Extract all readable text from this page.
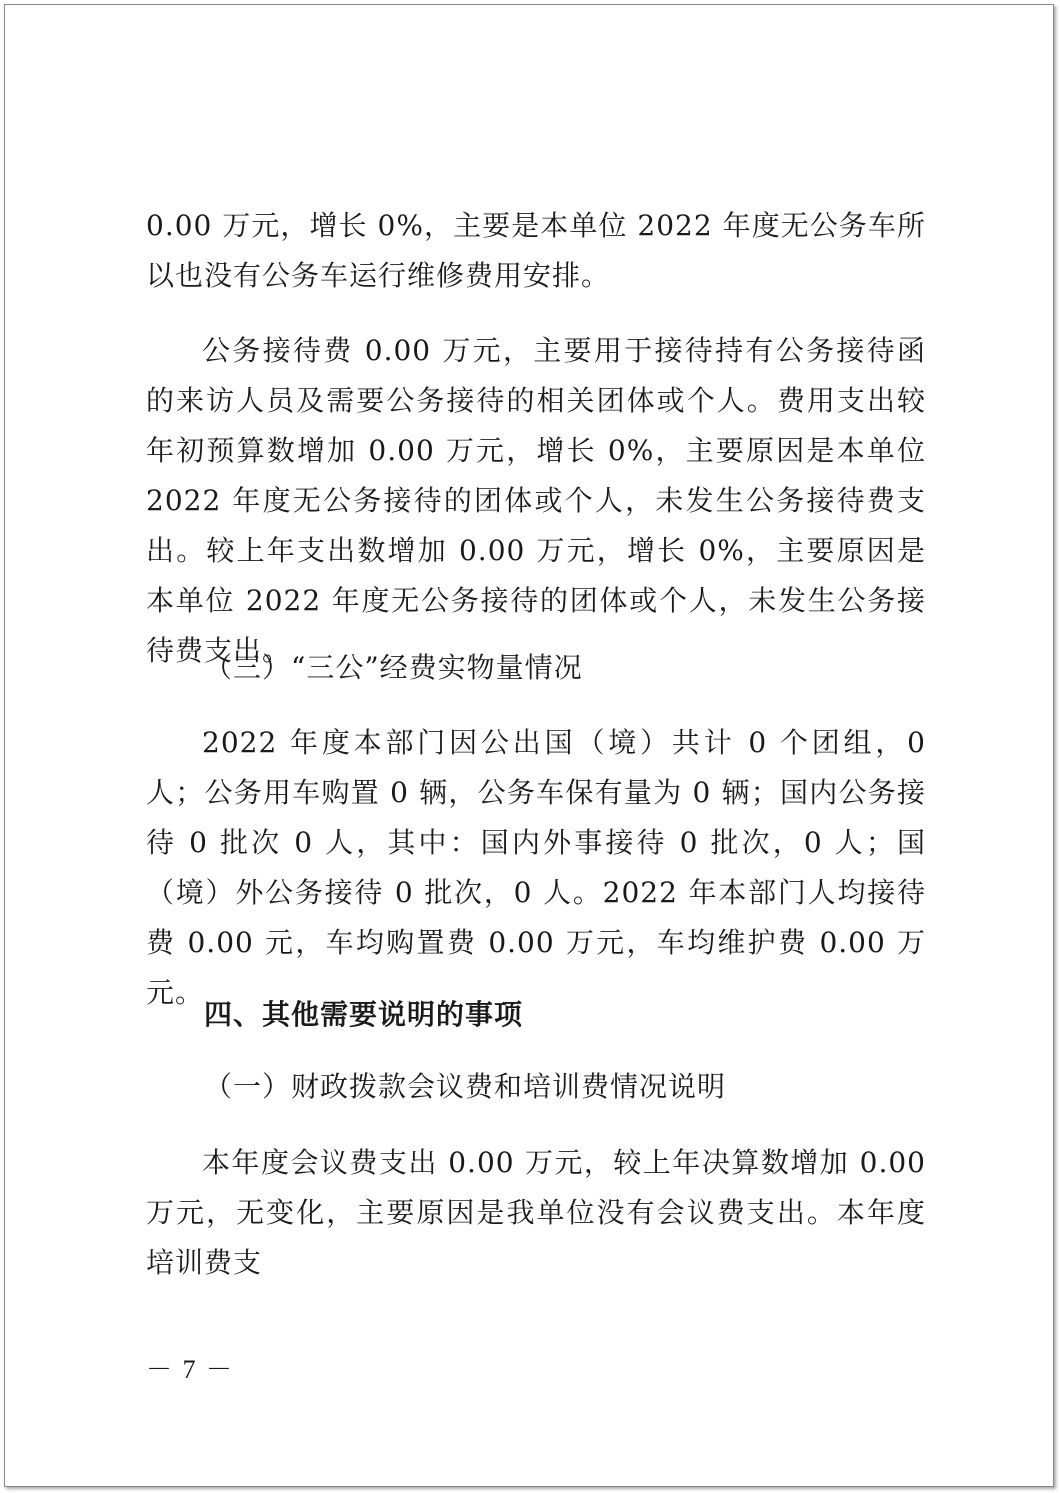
0.00 万元，增长 0%，主要是本单位 2022 年度无公务车所以也没有公务车运行维修费用安排。

公务接待费 0.00 万元，主要用于接待持有公务接待函的来访人员及需要公务接待的相关团体或个人。费用支出较年初预算数增加 0.00 万元，增长 0%，主要原因是本单位 2022 年度无公务接待的团体或个人，未发生公务接待费支出。较上年支出数增加 0.00 万元，增长 0%，主要原因是本单位 2022 年度无公务接待的团体或个人，未发生公务接待费支出。

（三）“三公”经费实物量情况

2022 年度本部门因公出国（境）共计 0 个团组，0 人；公务用车购置 0 辆，公务车保有量为 0 辆；国内公务接待 0 批次 0 人，其中：国内外事接待 0 批次，0 人；国（境）外公务接待 0 批次，0 人。2022 年本部门人均接待费 0.00 元，车均购置费 0.00 万元，车均维护费 0.00 万元。

四、其他需要说明的事项

（一）财政拨款会议费和培训费情况说明

本年度会议费支出 0.00 万元，较上年决算数增加 0.00 万元，无变化，主要原因是我单位没有会议费支出。本年度培训费支

－ 7 －
